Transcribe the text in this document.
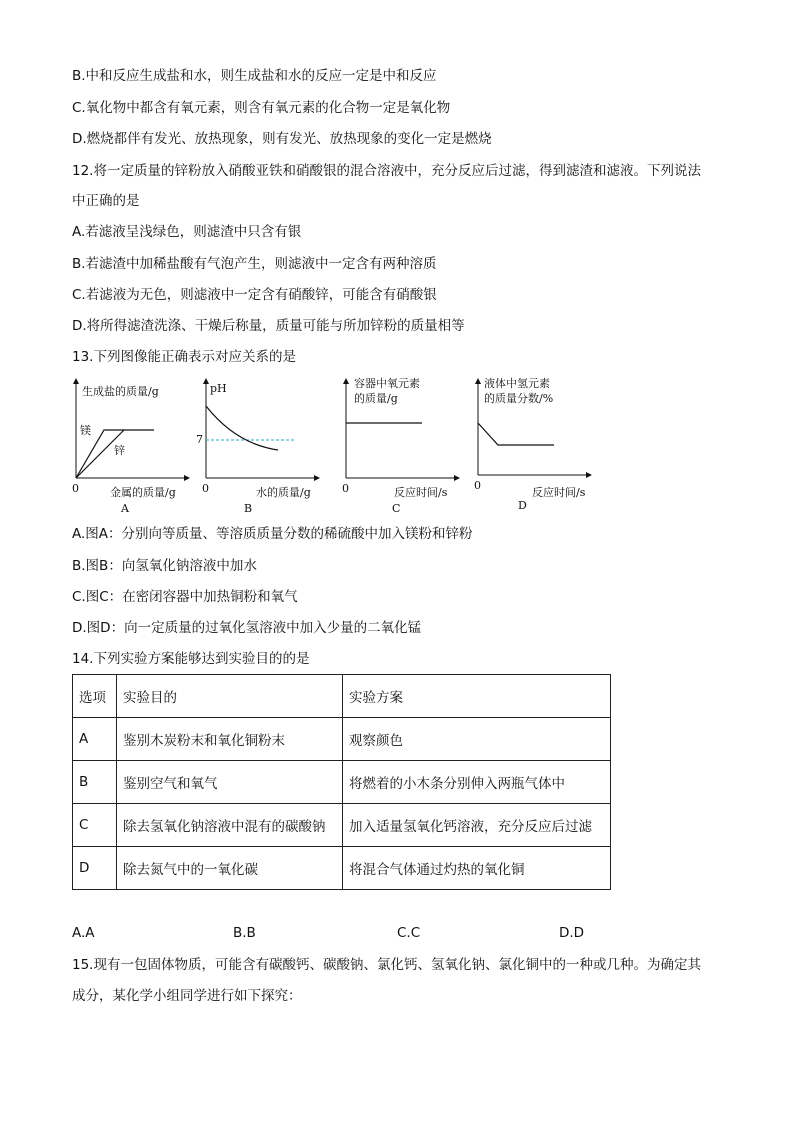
B.中和反应生成盐和水，则生成盐和水的反应一定是中和反应
C.氧化物中都含有氧元素，则含有氧元素的化合物一定是氧化物
D.燃烧都伴有发光、放热现象，则有发光、放热现象的变化一定是燃烧
12.将一定质量的锌粉放入硝酸亚铁和硝酸银的混合溶液中，充分反应后过滤，得到滤渣和滤液。下列说法
中正确的是
A.若滤液呈浅绿色，则滤渣中只含有银
B.若滤渣中加稀盐酸有气泡产生，则滤液中一定含有两种溶质
C.若滤液为无色，则滤液中一定含有硝酸锌，可能含有硝酸银
D.将所得滤渣洗涤、干燥后称量，质量可能与所加锌粉的质量相等
13.下列图像能正确表示对应关系的是
生成盐的质量/g
镁
锌
0	金属的质量/g
A
pH
7
0	水的质量/g
B
容器中氧元素
的质量/g
0	反应时间/s
C
液体中氢元素
的质量分数/%
0
反应时间/s
D
A.图A：分别向等质量、等溶质质量分数的稀硫酸中加入镁粉和锌粉
B.图B：向氢氧化钠溶液中加水
C.图C：在密闭容器中加热铜粉和氧气
D.图D：向一定质量的过氧化氢溶液中加入少量的二氧化锰
14.下列实验方案能够达到实验目的的是
选项	实验目的	实验方案
A	鉴别木炭粉末和氧化铜粉末	观察颜色
B	鉴别空气和氧气	将燃着的小木条分别伸入两瓶气体中
C	除去氢氧化钠溶液中混有的碳酸钠	加入适量氢氧化钙溶液，充分反应后过滤
D	除去氮气中的一氧化碳	将混合气体通过灼热的氧化铜
A.A	B.B	C.C	D.D
15.现有一包固体物质，可能含有碳酸钙、碳酸钠、氯化钙、氢氧化钠、氯化铜中的一种或几种。为确定其
成分，某化学小组同学进行如下探究：
